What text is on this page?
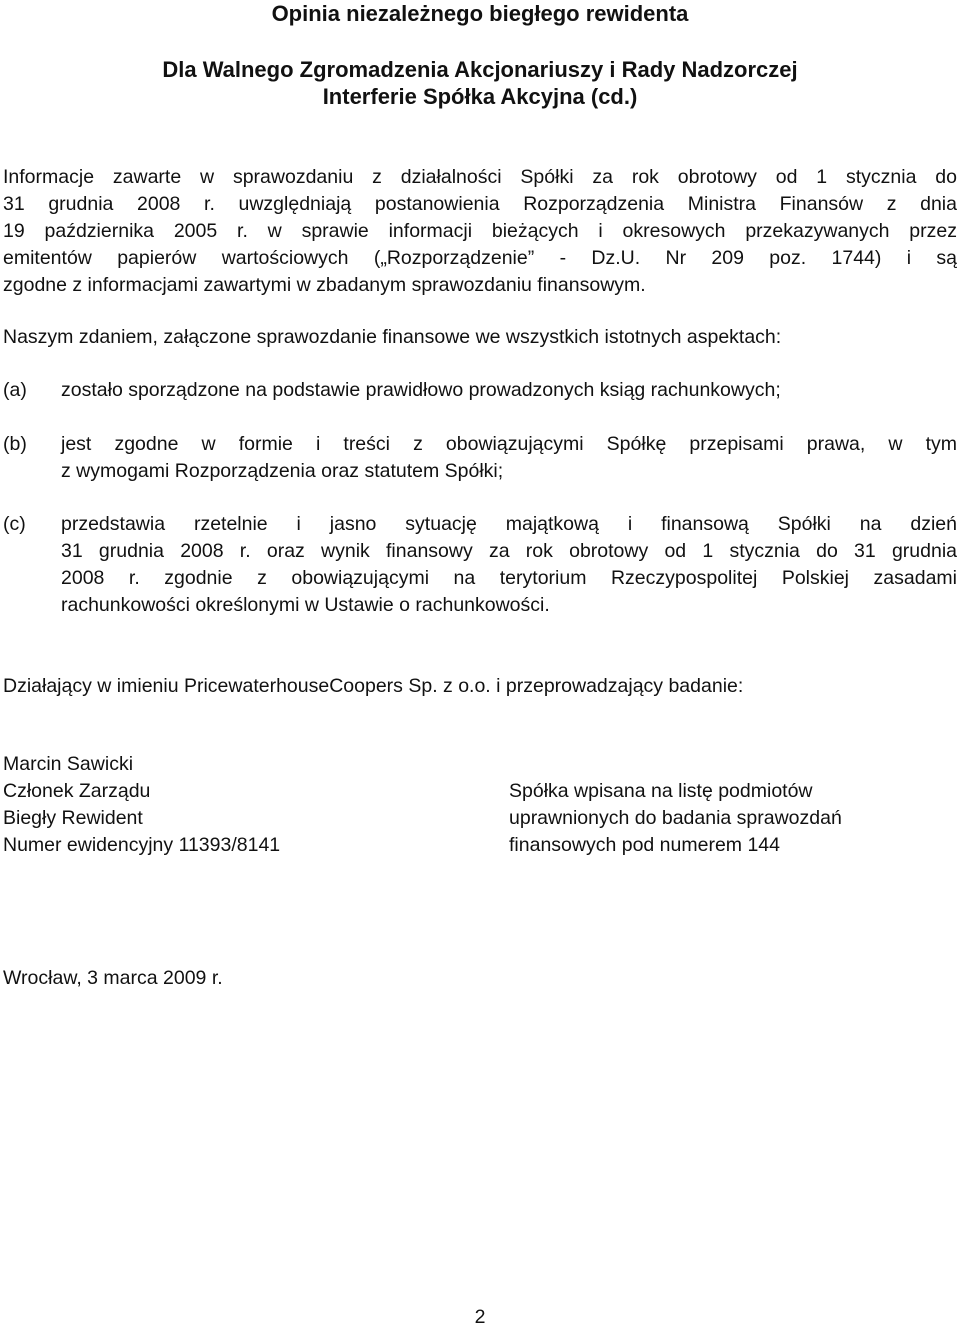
Opinia niezależnego biegłego rewidenta
Dla Walnego Zgromadzenia Akcjonariuszy i Rady Nadzorczej
Interferie Spółka Akcyjna (cd.)
Informacje zawarte w sprawozdaniu z działalności Spółki za rok obrotowy od 1 stycznia do
31 grudnia 2008 r. uwzględniają postanowienia Rozporządzenia Ministra Finansów z dnia
19 października 2005 r. w sprawie informacji bieżących i okresowych przekazywanych przez
emitentów papierów wartościowych („Rozporządzenie” - Dz.U. Nr 209 poz. 1744) i są
zgodne z informacjami zawartymi w zbadanym sprawozdaniu finansowym.
Naszym zdaniem, załączone sprawozdanie finansowe we wszystkich istotnych aspektach:
(a) zostało sporządzone na podstawie prawidłowo prowadzonych ksiąg rachunkowych;
(b) jest zgodne w formie i treści z obowiązującymi Spółkę przepisami prawa, w tym
z wymogami Rozporządzenia oraz statutem Spółki;
(c) przedstawia rzetelnie i jasno sytuację majątkową i finansową Spółki na dzień
31 grudnia 2008 r. oraz wynik finansowy za rok obrotowy od 1 stycznia do 31 grudnia
2008 r. zgodnie z obowiązującymi na terytorium Rzeczypospolitej Polskiej zasadami
rachunkowości określonymi w Ustawie o rachunkowości.
Działający w imieniu PricewaterhouseCoopers Sp. z o.o. i przeprowadzający badanie:
Marcin Sawicki
Członek Zarządu
Biegły Rewident
Numer ewidencyjny 11393/8141
Spółka wpisana na listę podmiotów
uprawnionych do badania sprawozdań
finansowych pod numerem 144
Wrocław, 3 marca 2009 r.
2
